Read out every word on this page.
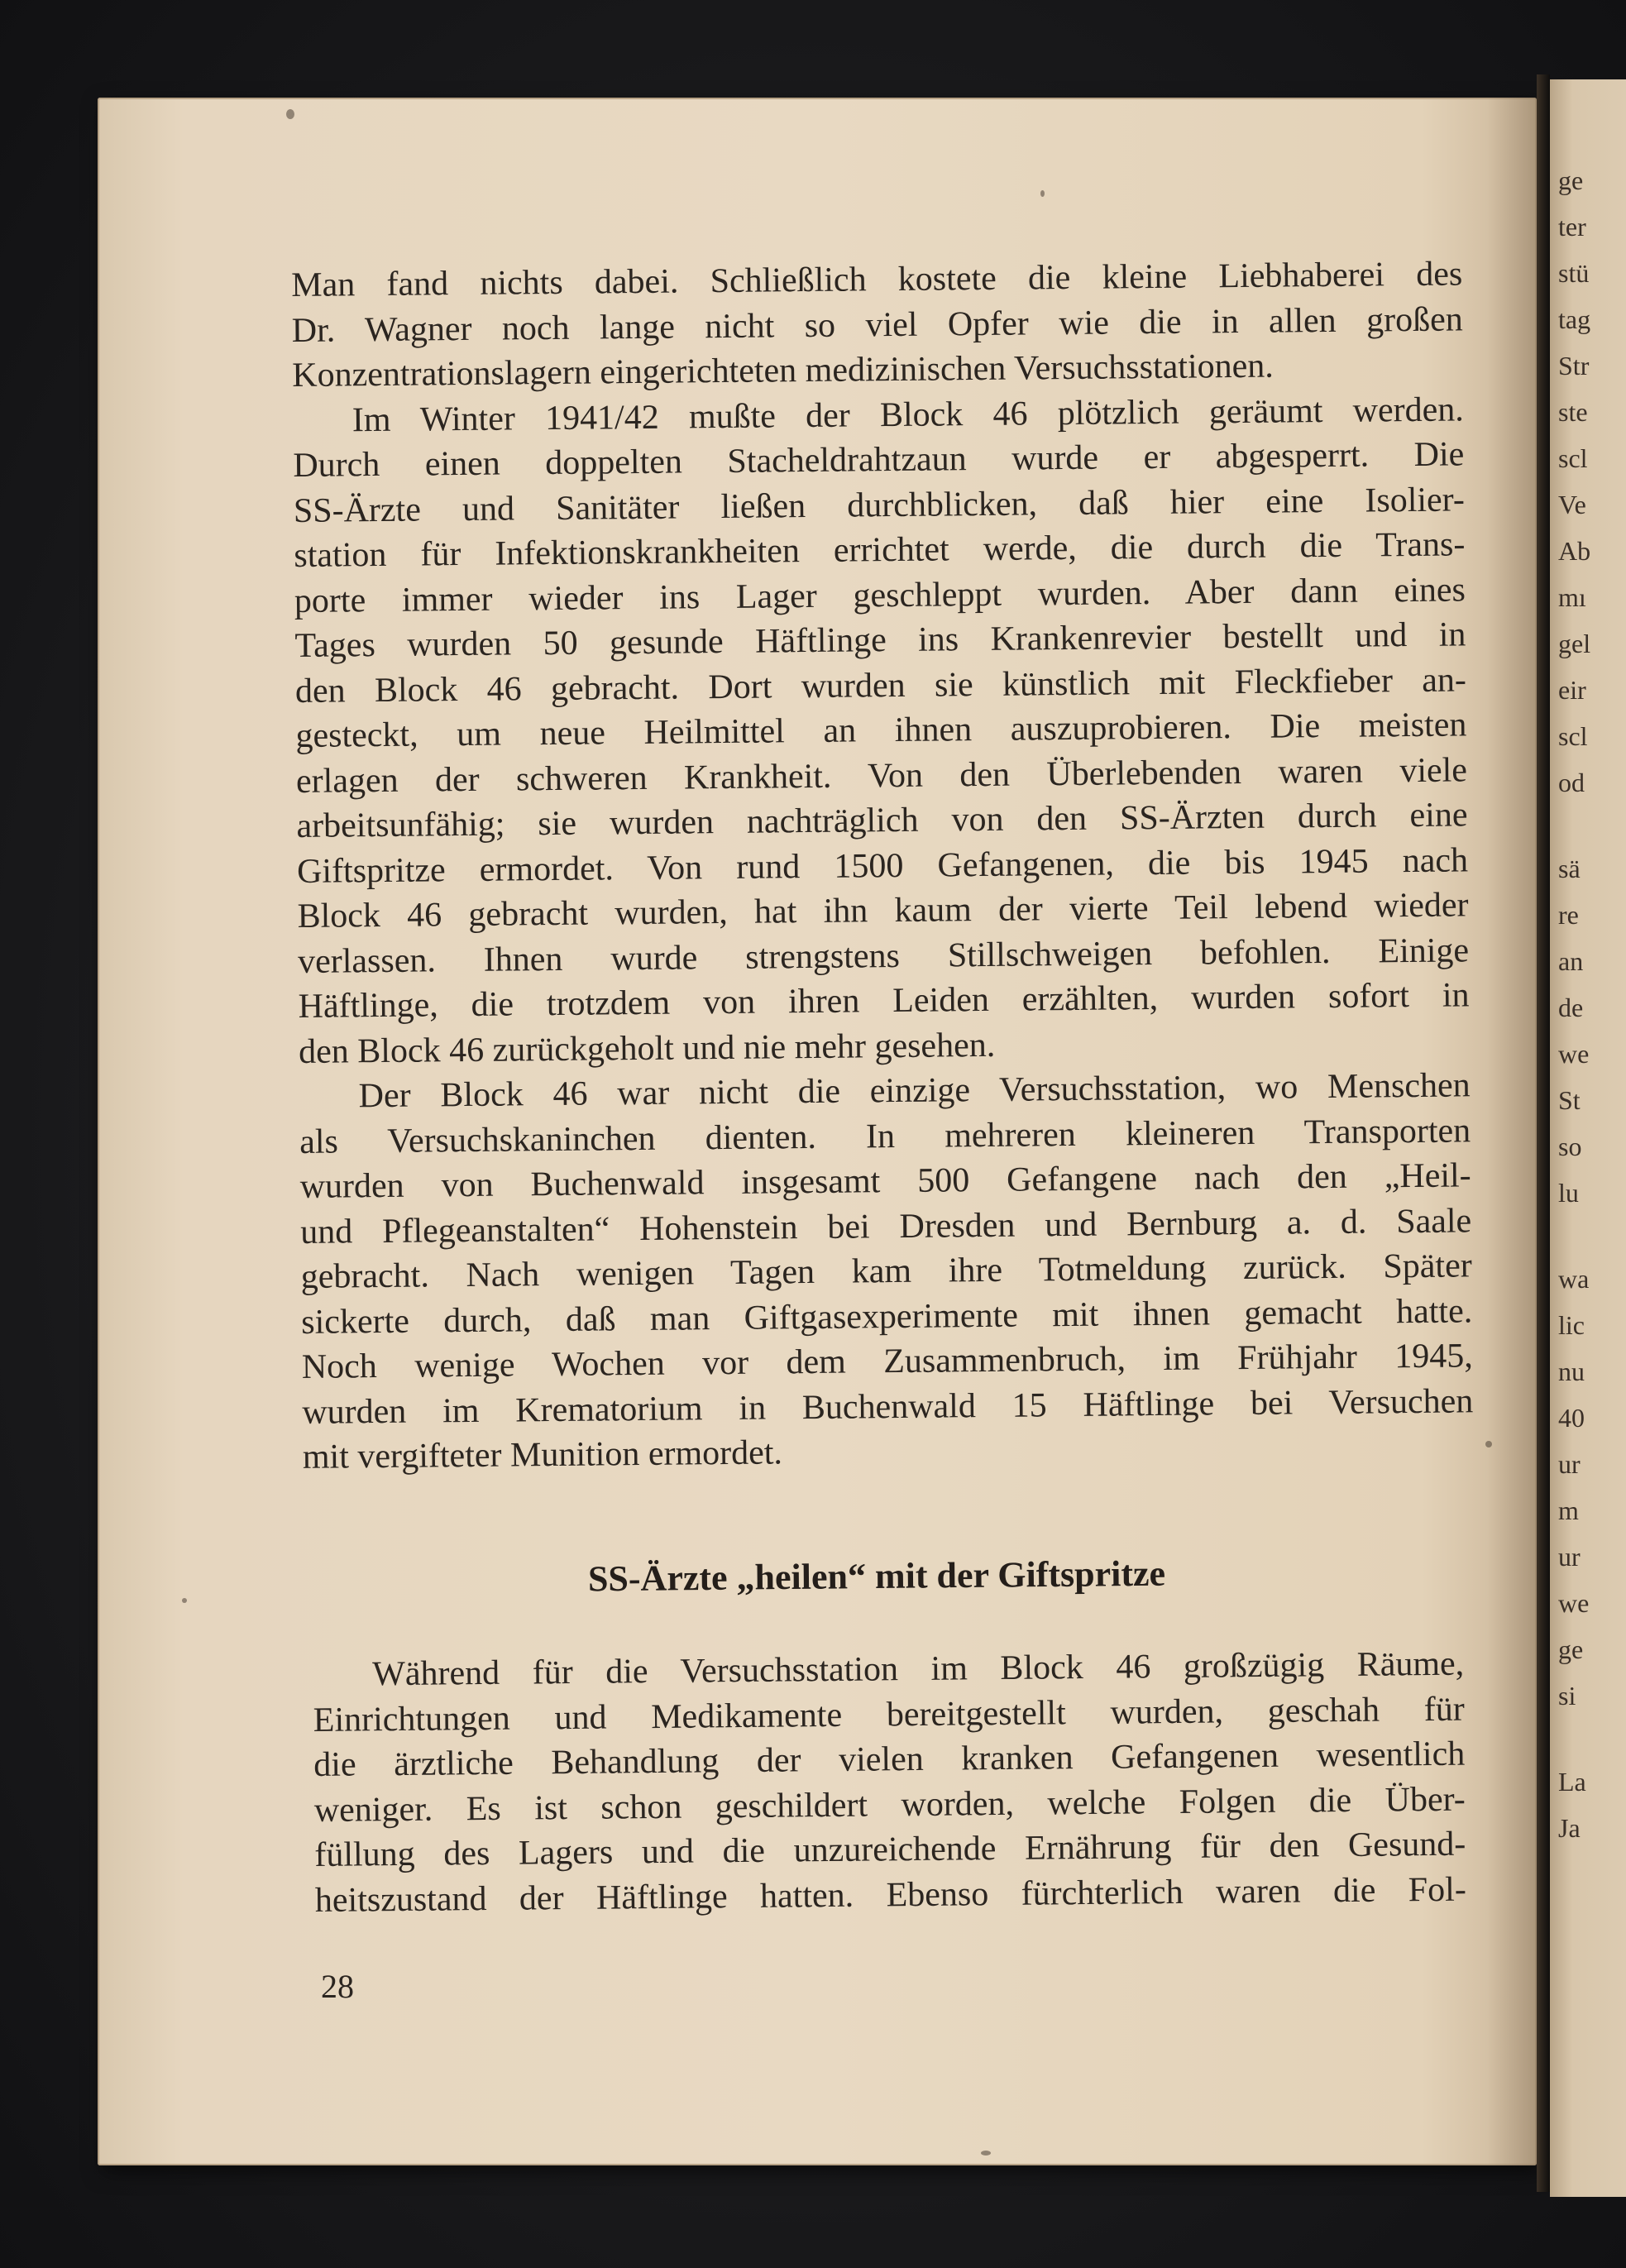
ge
ter
stü
tag
Str
ste
scl
Ve
Ab
mı
gel
eir
scl
od
sä
re
an
de
we
St
so
lu
wa
lic
nu
40
ur
m
ur
we
ge
si
La
Ja
Man fand nichts dabei. Schließlich kostete die kleine Liebhaberei des
Dr. Wagner noch lange nicht so viel Opfer wie die in allen großen
Konzentrationslagern eingerichteten medizinischen Versuchsstationen.
Im Winter 1941/42 mußte der Block 46 plötzlich geräumt werden.
Durch einen doppelten Stacheldrahtzaun wurde er abgesperrt. Die
SS-Ärzte und Sanitäter ließen durchblicken, daß hier eine Isolier-
station für Infektionskrankheiten errichtet werde, die durch die Trans-
porte immer wieder ins Lager geschleppt wurden. Aber dann eines
Tages wurden 50 gesunde Häftlinge ins Krankenrevier bestellt und in
den Block 46 gebracht. Dort wurden sie künstlich mit Fleckfieber an-
gesteckt, um neue Heilmittel an ihnen auszuprobieren. Die meisten
erlagen der schweren Krankheit. Von den Überlebenden waren viele
arbeitsunfähig; sie wurden nachträglich von den SS-Ärzten durch eine
Giftspritze ermordet. Von rund 1500 Gefangenen, die bis 1945 nach
Block 46 gebracht wurden, hat ihn kaum der vierte Teil lebend wieder
verlassen. Ihnen wurde strengstens Stillschweigen befohlen. Einige
Häftlinge, die trotzdem von ihren Leiden erzählten, wurden sofort in
den Block 46 zurückgeholt und nie mehr gesehen.
Der Block 46 war nicht die einzige Versuchsstation, wo Menschen
als Versuchskaninchen dienten. In mehreren kleineren Transporten
wurden von Buchenwald insgesamt 500 Gefangene nach den „Heil-
und Pflegeanstalten“ Hohenstein bei Dresden und Bernburg a. d. Saale
gebracht. Nach wenigen Tagen kam ihre Totmeldung zurück. Später
sickerte durch, daß man Giftgasexperimente mit ihnen gemacht hatte.
Noch wenige Wochen vor dem Zusammenbruch, im Frühjahr 1945,
wurden im Krematorium in Buchenwald 15 Häftlinge bei Versuchen
mit vergifteter Munition ermordet.
SS-Ärzte „heilen“ mit der Giftspritze
Während für die Versuchsstation im Block 46 großzügig Räume,
Einrichtungen und Medikamente bereitgestellt wurden, geschah für
die ärztliche Behandlung der vielen kranken Gefangenen wesentlich
weniger. Es ist schon geschildert worden, welche Folgen die Über-
füllung des Lagers und die unzureichende Ernährung für den Gesund-
heitszustand der Häftlinge hatten. Ebenso fürchterlich waren die Fol-
28
